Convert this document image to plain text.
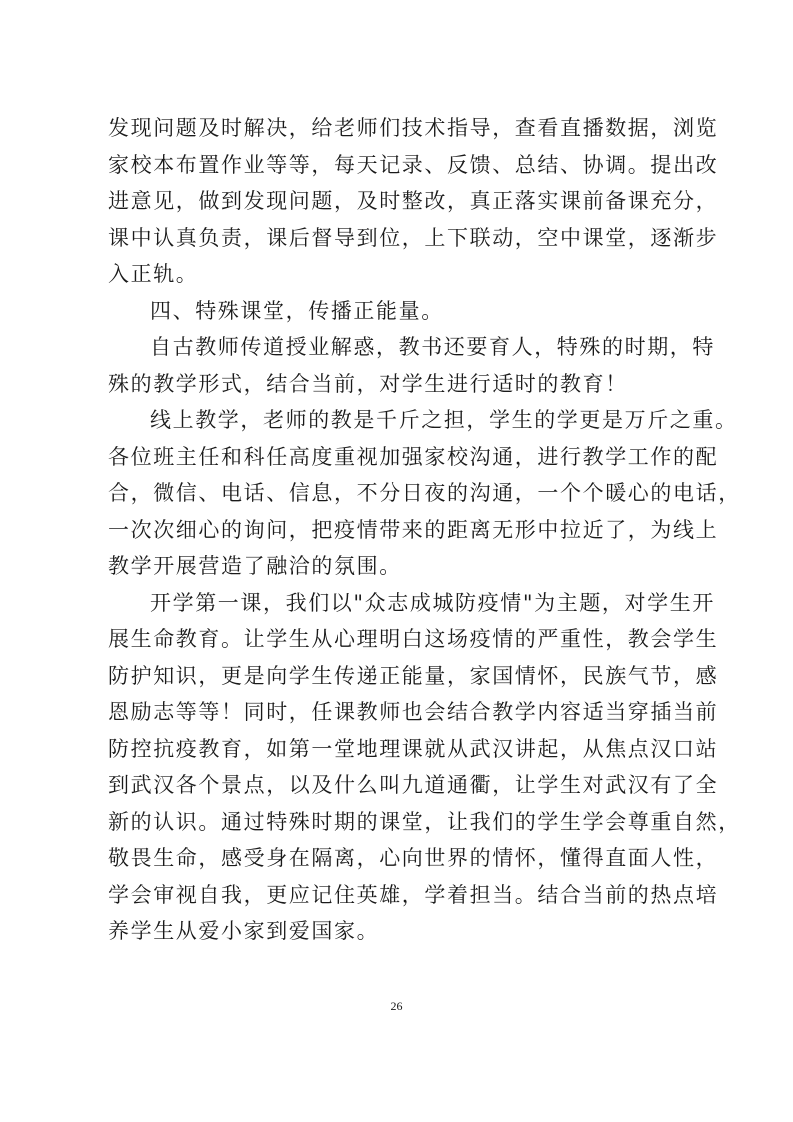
发现问题及时解决，给老师们技术指导，查看直播数据，浏览
家校本布置作业等等，每天记录、反馈、总结、协调。提出改
进意见，做到发现问题，及时整改，真正落实课前备课充分，
课中认真负责，课后督导到位，上下联动，空中课堂，逐渐步
入正轨。
四、特殊课堂，传播正能量。
自古教师传道授业解惑，教书还要育人，特殊的时期，特
殊的教学形式，结合当前，对学生进行适时的教育！
线上教学，老师的教是千斤之担，学生的学更是万斤之重。
各位班主任和科任高度重视加强家校沟通，进行教学工作的配
合，微信、电话、信息，不分日夜的沟通，一个个暖心的电话，
一次次细心的询问，把疫情带来的距离无形中拉近了，为线上
教学开展营造了融洽的氛围。
开学第一课，我们以"众志成城防疫情"为主题，对学生开
展生命教育。让学生从心理明白这场疫情的严重性，教会学生
防护知识，更是向学生传递正能量，家国情怀，民族气节，感
恩励志等等！同时，任课教师也会结合教学内容适当穿插当前
防控抗疫教育，如第一堂地理课就从武汉讲起，从焦点汉口站
到武汉各个景点，以及什么叫九道通衢，让学生对武汉有了全
新的认识。通过特殊时期的课堂，让我们的学生学会尊重自然，
敬畏生命，感受身在隔离，心向世界的情怀，懂得直面人性，
学会审视自我，更应记住英雄，学着担当。结合当前的热点培
养学生从爱小家到爱国家。
26
